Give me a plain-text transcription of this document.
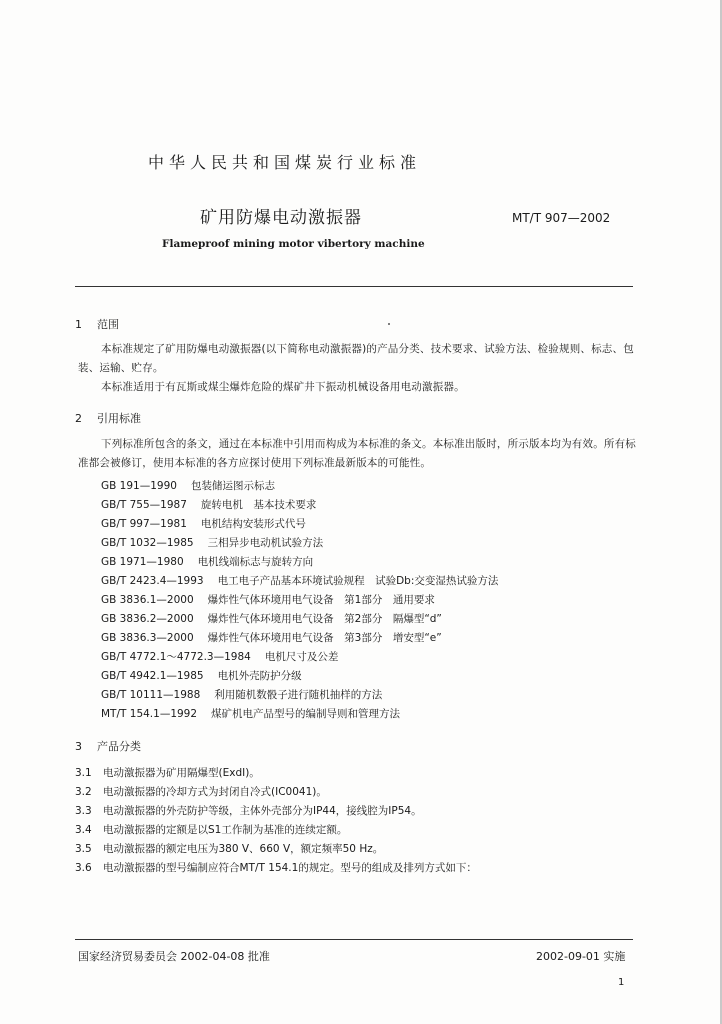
中华人民共和国煤炭行业标准
矿用防爆电动激振器	MT/T 907—2002
Flameproof mining motor vibertory machine
1 范围
本标准规定了矿用防爆电动激振器(以下简称电动激振器)的产品分类、技术要求、试验方法、检验规则、标志、包装、运输、贮存。
本标准适用于有瓦斯或煤尘爆炸危险的煤矿井下振动机械设备用电动激振器。
2 引用标准
下列标准所包含的条文，通过在本标准中引用而构成为本标准的条文。本标准出版时，所示版本均为有效。所有标准都会被修订，使用本标准的各方应探讨使用下列标准最新版本的可能性。
GB 191—1990 包装储运图示标志
GB/T 755—1987 旋转电机　基本技术要求
GB/T 997—1981 电机结构安装形式代号
GB/T 1032—1985 三相异步电动机试验方法
GB 1971—1980 电机线端标志与旋转方向
GB/T 2423.4—1993 电工电子产品基本环境试验规程　试验Db:交变湿热试验方法
GB 3836.1—2000 爆炸性气体环境用电气设备　第1部分　通用要求
GB 3836.2—2000 爆炸性气体环境用电气设备　第2部分　隔爆型“d”
GB 3836.3—2000 爆炸性气体环境用电气设备　第3部分　增安型“e”
GB/T 4772.1～4772.3—1984 电机尺寸及公差
GB/T 4942.1—1985 电机外壳防护分级
GB/T 10111—1988 利用随机数骰子进行随机抽样的方法
MT/T 154.1—1992 煤矿机电产品型号的编制导则和管理方法
3 产品分类
3.1 电动激振器为矿用隔爆型(ExdI)。
3.2 电动激振器的冷却方式为封闭自冷式(IC0041)。
3.3 电动激振器的外壳防护等级，主体外壳部分为IP44，接线腔为IP54。
3.4 电动激振器的定额是以S1工作制为基准的连续定额。
3.5 电动激振器的额定电压为380 V、660 V，额定频率50 Hz。
3.6 电动激振器的型号编制应符合MT/T 154.1的规定。型号的组成及排列方式如下：
国家经济贸易委员会 2002-04-08 批准	2002-09-01 实施
1
